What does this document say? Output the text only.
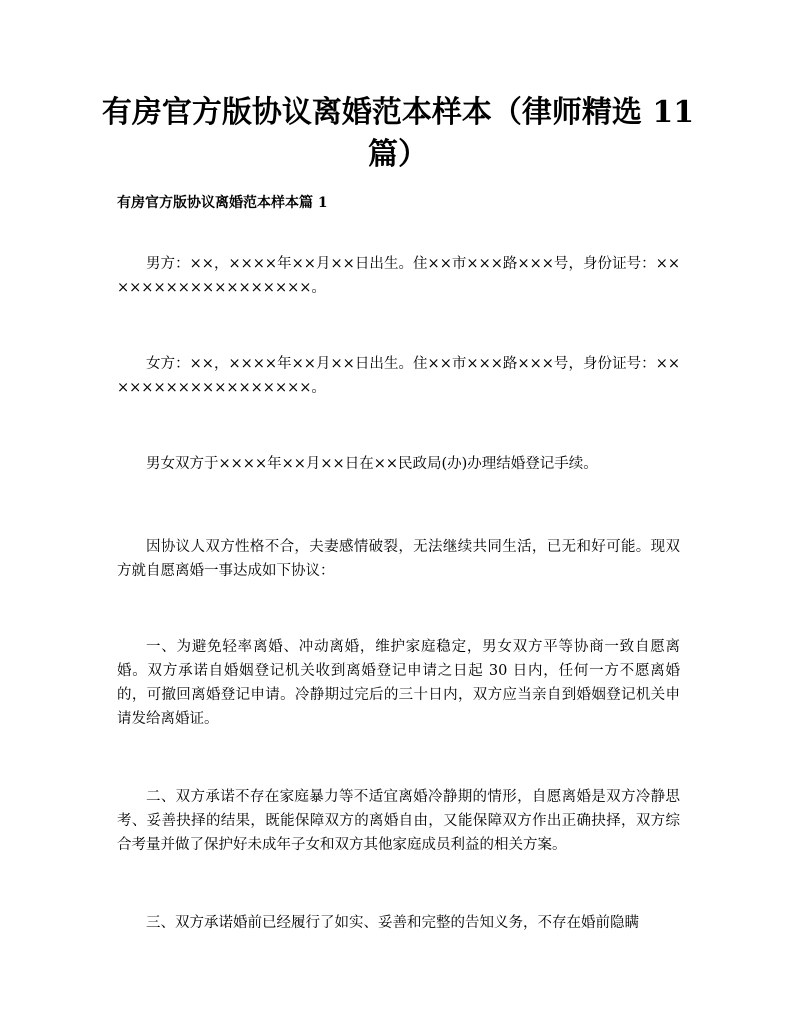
有房官方版协议离婚范本样本（律师精选 11 篇）

有房官方版协议离婚范本样本篇 1

男方：××，××××年××月××日出生。住××市×××路×××号，身份证号：××××××××××××××××××。

女方：××，××××年××月××日出生。住××市×××路×××号，身份证号：××××××××××××××××××。

男女双方于××××年××月××日在××民政局(办)办理结婚登记手续。

因协议人双方性格不合，夫妻感情破裂，无法继续共同生活，已无和好可能。现双方就自愿离婚一事达成如下协议：

一、为避免轻率离婚、冲动离婚，维护家庭稳定，男女双方平等协商一致自愿离婚。双方承诺自婚姻登记机关收到离婚登记申请之日起 30 日内，任何一方不愿离婚的，可撤回离婚登记申请。冷静期过完后的三十日内，双方应当亲自到婚姻登记机关申请发给离婚证。

二、双方承诺不存在家庭暴力等不适宜离婚冷静期的情形，自愿离婚是双方冷静思考、妥善抉择的结果，既能保障双方的离婚自由，又能保障双方作出正确抉择，双方综合考量并做了保护好未成年子女和双方其他家庭成员利益的相关方案。

三、双方承诺婚前已经履行了如实、妥善和完整的告知义务，不存在婚前隐瞒
